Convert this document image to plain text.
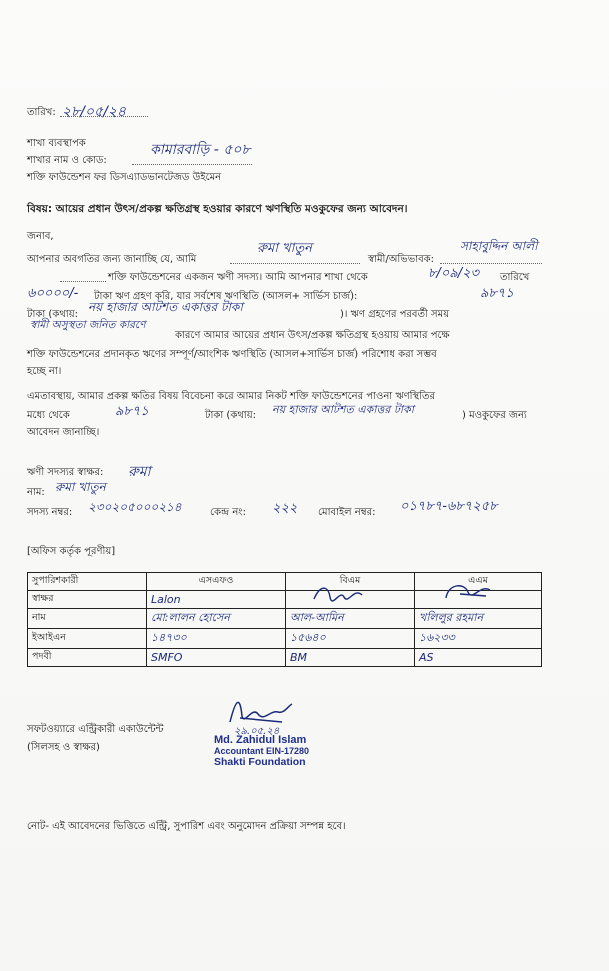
তারিখ: ২৮/০৫/২৪
শাখা ব্যবস্থাপক
শাখার নাম ও কোড:
কামারবাড়ি - ৫০৮
শক্তি ফাউন্ডেশন ফর ডিসএ্যাডভানটেজড উইমেন
বিষয়: আয়ের প্রধান উৎস/প্রকল্প ক্ষতিগ্রস্থ হওয়ার কারণে ঋণস্থিতি মওকুফের জন্য আবেদন।
জনাব,
আপনার অবগতির জন্য জানাচ্ছি যে, আমি
রুমা খাতুন
স্বামী/অভিভাবক:
সাহাবুদ্দিন আলী
শক্তি ফাউন্ডেশনের একজন ঋণী সদস্য। আমি আপনার শাখা থেকে	৮/০৯/২৩ তারিখে
৬০০০০/- টাকা ঋণ গ্রহণ করি, যার সর্বশেষ ঋণস্থিতি (আসল+ সার্ভিস চার্জ):	৯৮৭১
টাকা (কথায়:
নয় হাজার আটশত একাত্তর টাকা
)। ঋণ গ্রহণের পরবর্তী সময়
স্বামী অসুস্থতা জনিত কারণে
কারণে আমার আয়ের প্রধান উৎস/প্রকল্প ক্ষতিগ্রস্থ হওয়ায় আমার পক্ষে
শক্তি ফাউন্ডেশনের প্রদানকৃত ঋণের সম্পূর্ণ/আংশিক ঋণস্থিতি (আসল+সার্ভিস চার্জ) পরিশোধ করা সম্ভব
হচ্ছে না।
এমতাবস্থায়, আমার প্রকল্প ক্ষতির বিষয় বিবেচনা করে আমার নিকট শক্তি ফাউন্ডেশনের পাওনা ঋণস্থিতির
মধ্যে থেকে	৯৮৭১	টাকা (কথায়: নয় হাজার আটশত একাত্তর টাকা	) মওকুফের জন্য
আবেদন জানাচ্ছি।
ঋণী সদস্যর স্বাক্ষর: রুমা
নাম: রুমা খাতুন
সদস্য নম্বর: ২৩০২০৫০০০২১৪	কেন্দ্র নং: ২২২ মোবাইল নম্বর: ০১৭৮৭-৬৮৭২৫৮
[অফিস কর্তৃক পূরণীয়]
সুপারিশকারী	এসএফও	বিএম	এএম
স্বাক্ষর	Lalon		
নাম	মো:লালন হোসেন	আল-আমিন	খলিলুর রহমান
ইআইএন	১৪৭৩০	১৫৬৪০	১৬২৩৩
পদবী	SMFO	BM	AS
সফটওয়্যারে এন্ট্রিকারী একাউন্টেন্ট
(সিলসহ ও স্বাক্ষর)
২৯.০৫.২৪
Md. Zahidul Islam
Accountant EIN-17280
Shakti Foundation
নোট- এই আবেদনের ভিত্তিতে এন্ট্রি, সুপারিশ এবং অনুমোদন প্রক্রিয়া সম্পন্ন হবে।
